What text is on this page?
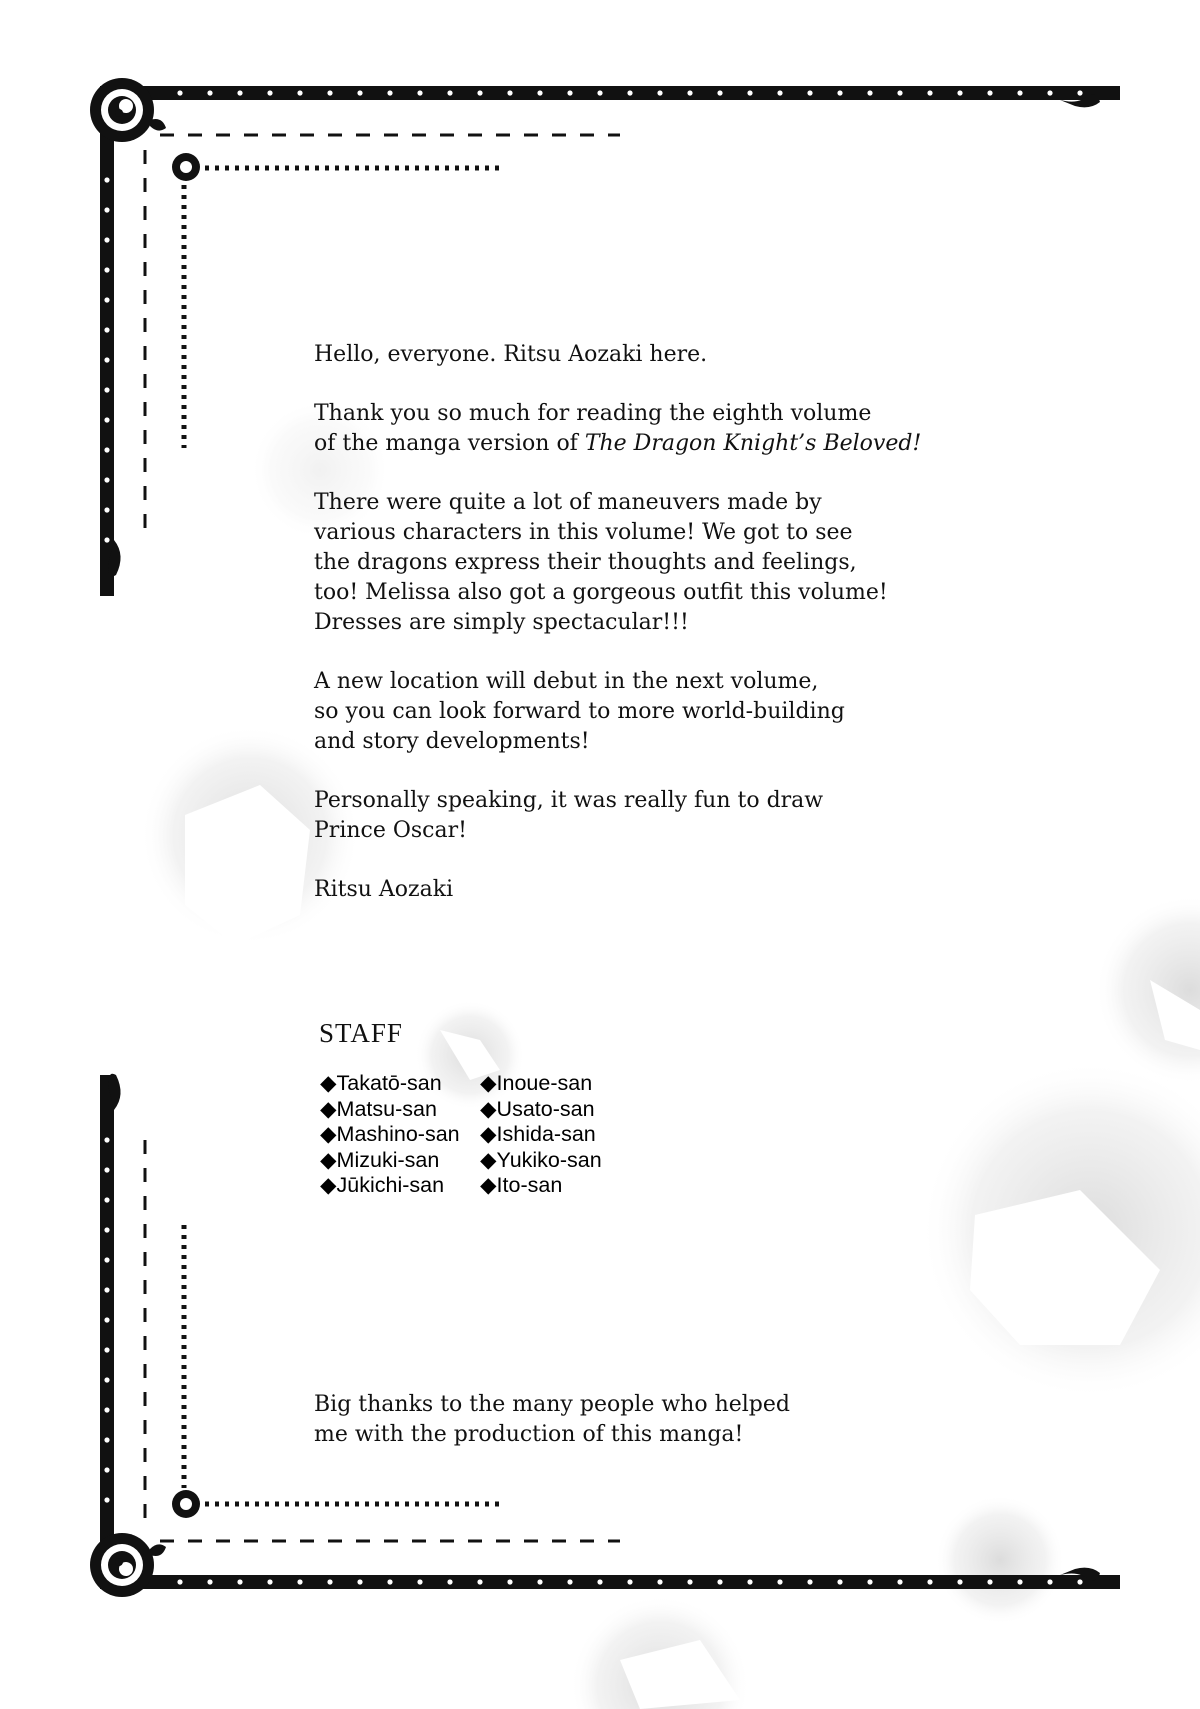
Hello, everyone. Ritsu Aozaki here.

Thank you so much for reading the eighth volume
of the manga version of The Dragon Knight’s Beloved!

There were quite a lot of maneuvers made by
various characters in this volume! We got to see
the dragons express their thoughts and feelings,
too! Melissa also got a gorgeous outfit this volume!
Dresses are simply spectacular!!!

A new location will debut in the next volume,
so you can look forward to more world-building
and story developments!

Personally speaking, it was really fun to draw
Prince Oscar!

Ritsu Aozaki

STAFF
◆Takatō-san
◆Matsu-san
◆Mashino-san
◆Mizuki-san
◆Jūkichi-san
◆Inoue-san
◆Usato-san
◆Ishida-san
◆Yukiko-san
◆Ito-san
Big thanks to the many people who helped
me with the production of this manga!
